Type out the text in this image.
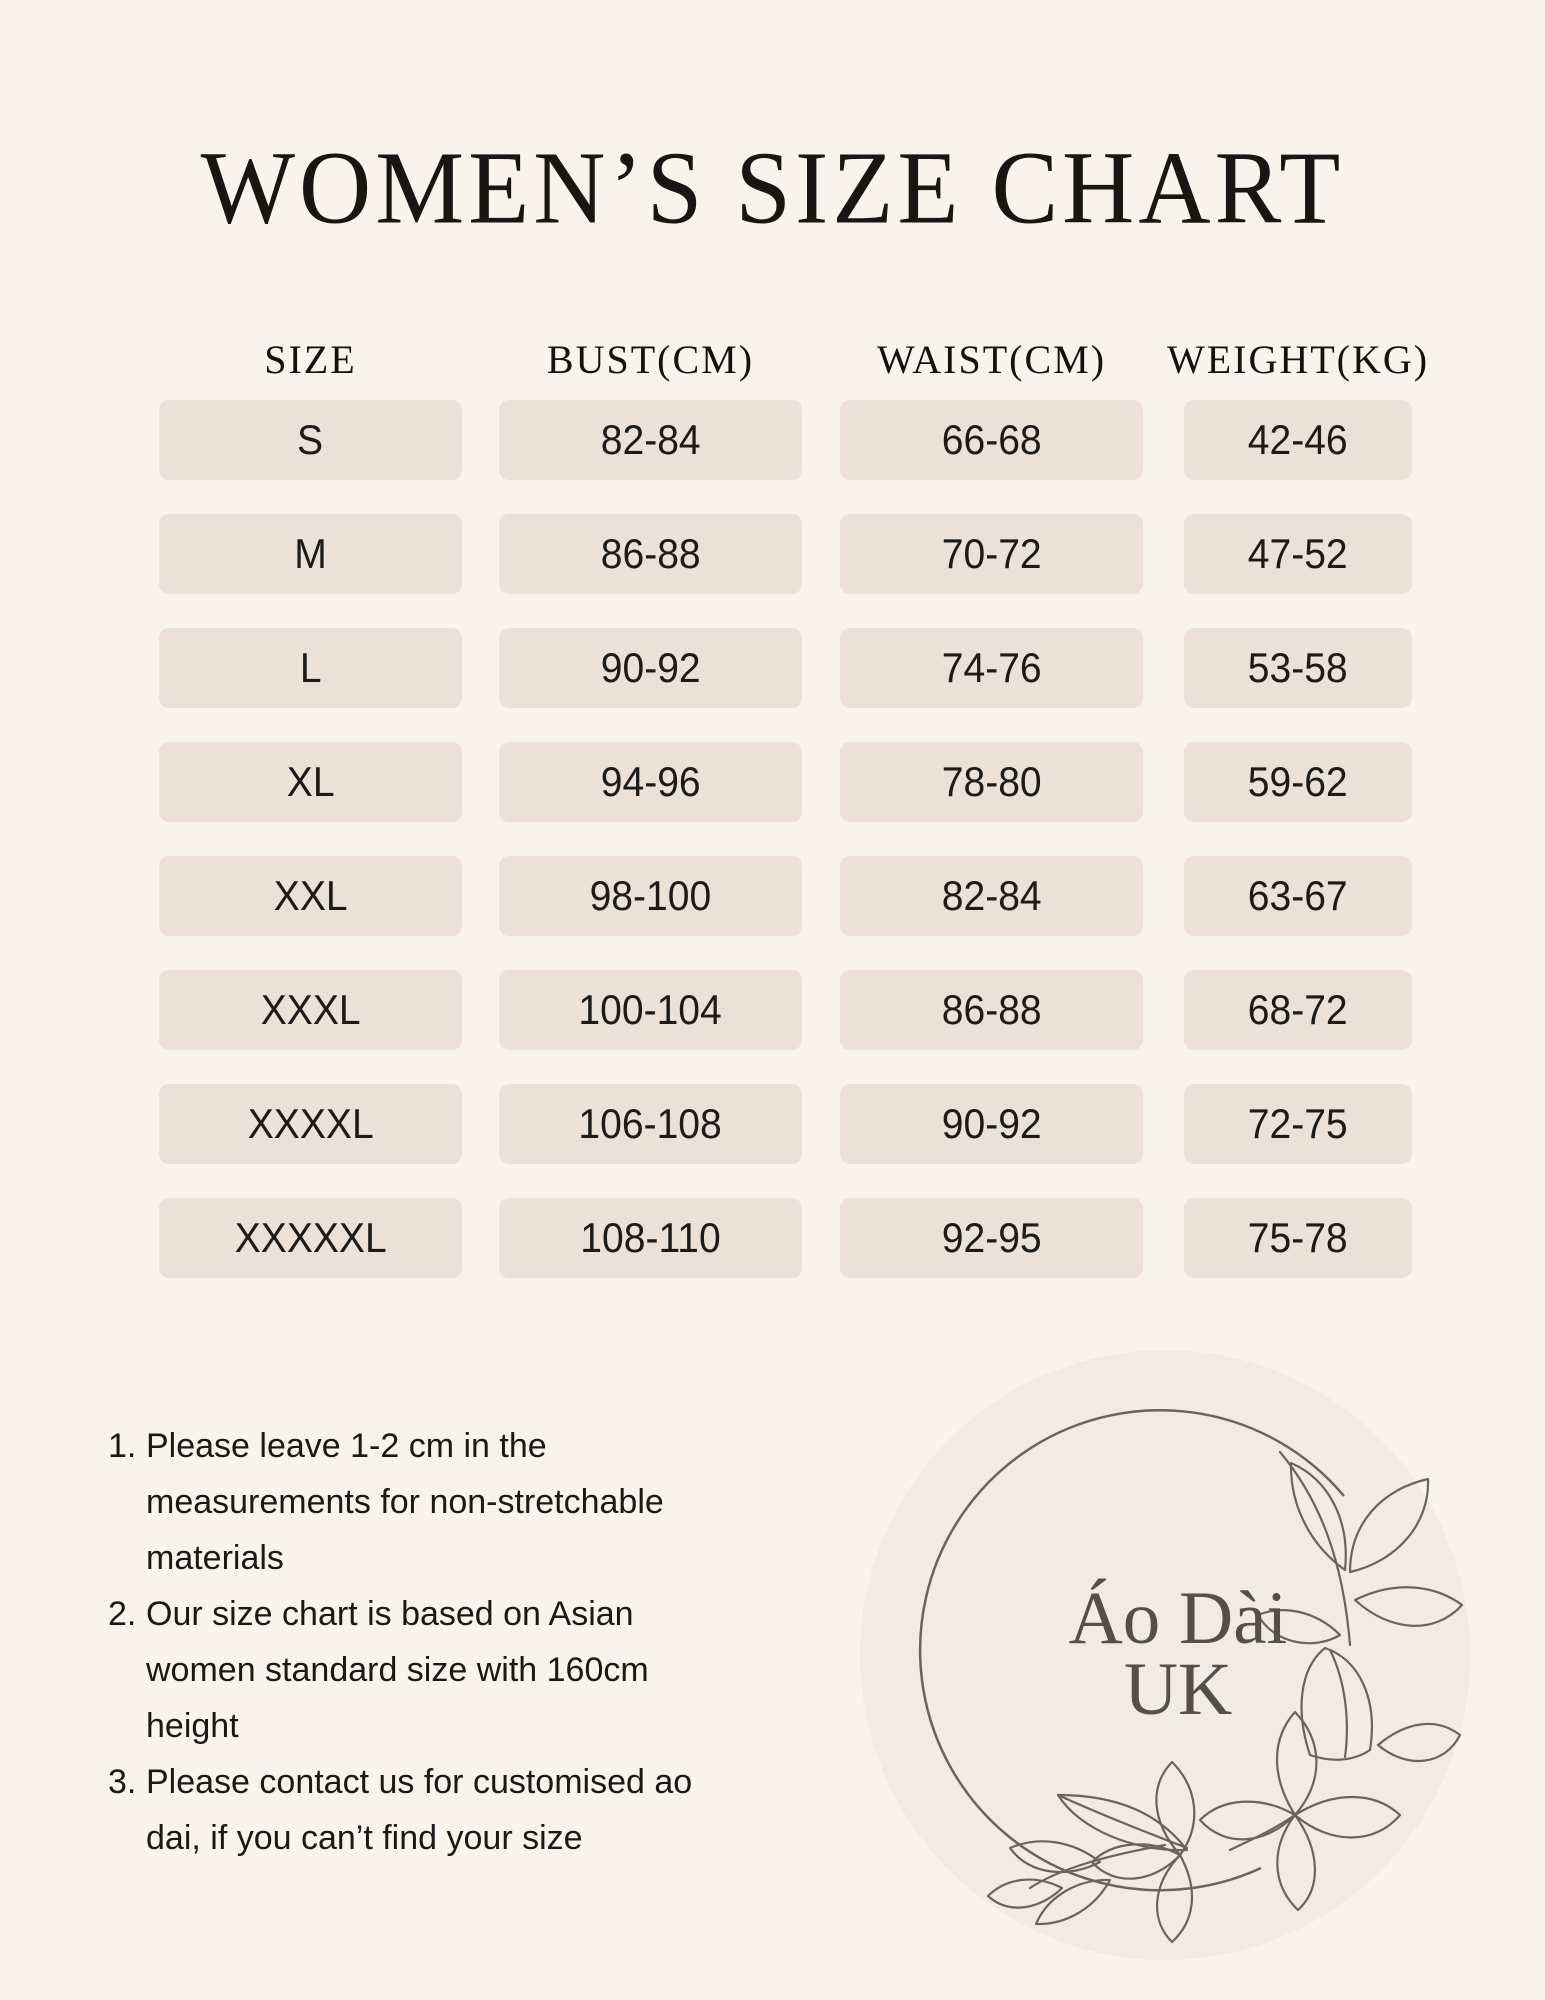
WOMEN’S SIZE CHART
SIZE
S
M
L
XL
XXL
XXXL
XXXXL
XXXXXL
BUST(CM)
82-84
86-88
90-92
94-96
98-100
100-104
106-108
108-110
WAIST(CM)
66-68
70-72
74-76
78-80
82-84
86-88
90-92
92-95
WEIGHT(KG)
42-46
47-52
53-58
59-62
63-67
68-72
72-75
75-78
1. Please leave 1-2 cm in the
measurements for non-stretchable
materials
2. Our size chart is based on Asian
women standard size with 160cm
height
3. Please contact us for customised ao
dai, if you can’t find your size
Áo Dài
UK
